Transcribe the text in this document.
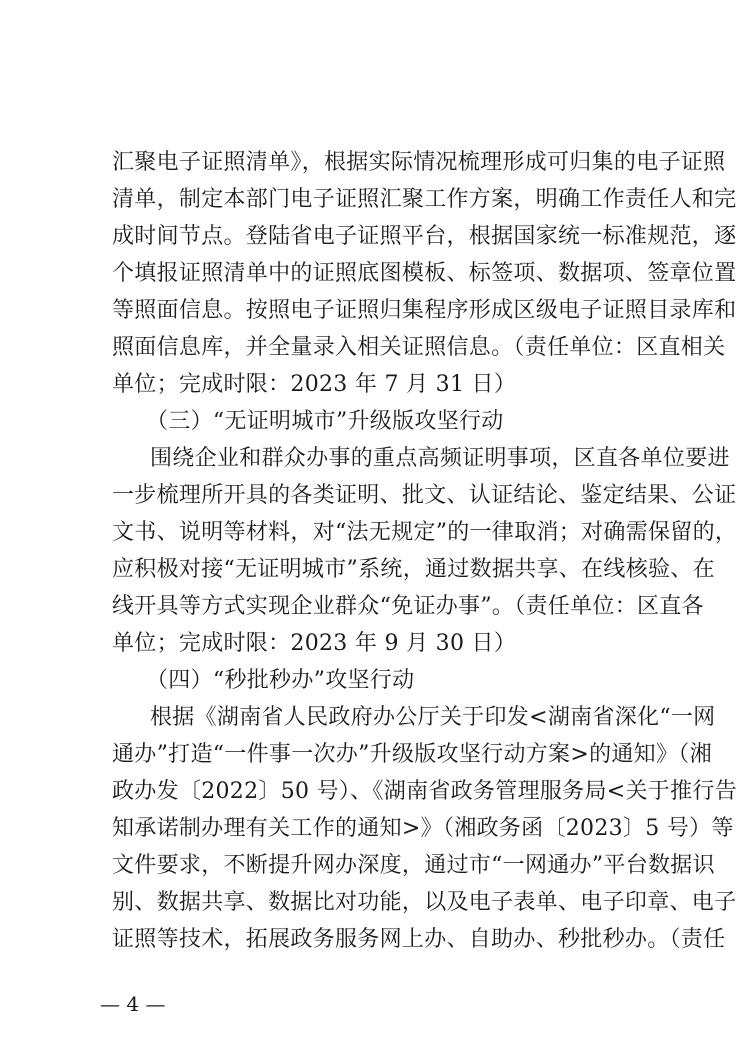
汇聚电子证照清单》，根据实际情况梳理形成可归集的电子证照
清单，制定本部门电子证照汇聚工作方案，明确工作责任人和完
成时间节点。登陆省电子证照平台，根据国家统一标准规范，逐
个填报证照清单中的证照底图模板、标签项、数据项、签章位置
等照面信息。按照电子证照归集程序形成区级电子证照目录库和
照面信息库，并全量录入相关证照信息。（责任单位：区直相关
单位；完成时限：2023 年 7 月 31 日）
（三）“无证明城市”升级版攻坚行动
围绕企业和群众办事的重点高频证明事项，区直各单位要进
一步梳理所开具的各类证明、批文、认证结论、鉴定结果、公证
文书、说明等材料，对“法无规定”的一律取消；对确需保留的，
应积极对接“无证明城市”系统，通过数据共享、在线核验、在
线开具等方式实现企业群众“免证办事”。（责任单位：区直各
单位；完成时限：2023 年 9 月 30 日）
（四）“秒批秒办”攻坚行动
根据《湖南省人民政府办公厅关于印发<湖南省深化“一网
通办”打造“一件事一次办”升级版攻坚行动方案>的通知》（湘
政办发〔2022〕50 号）、《湖南省政务管理服务局<关于推行告
知承诺制办理有关工作的通知>》（湘政务函〔2023〕5 号）等
文件要求，不断提升网办深度，通过市“一网通办”平台数据识
别、数据共享、数据比对功能，以及电子表单、电子印章、电子
证照等技术，拓展政务服务网上办、自助办、秒批秒办。（责任
— 4 —
